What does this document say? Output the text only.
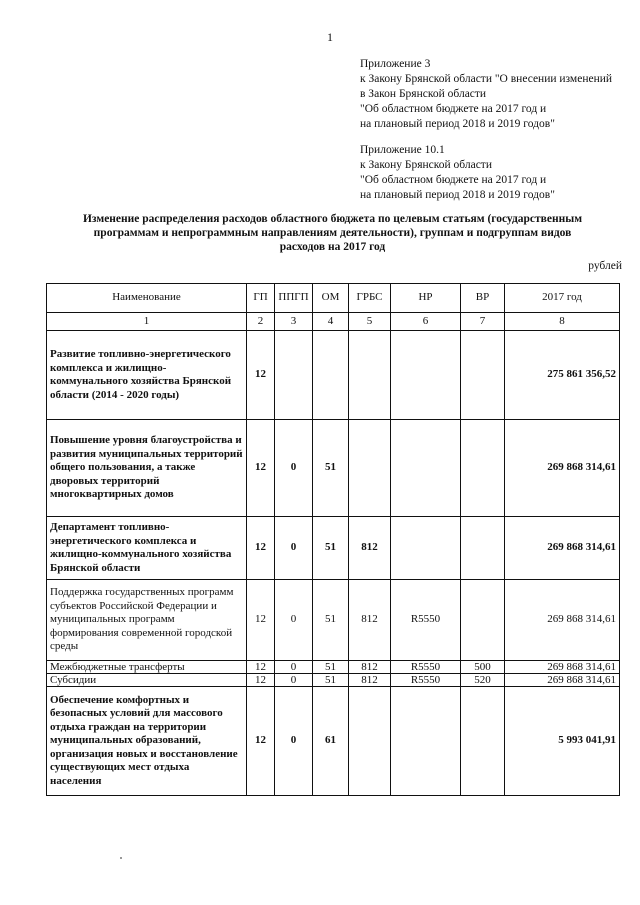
1
Приложение 3
к Закону Брянской области "О внесении изменений
в Закон Брянской области
"Об областном бюджете на 2017 год и
на плановый период 2018 и 2019 годов"
Приложение 10.1
к Закону Брянской области
"Об областном бюджете на 2017 год и
на плановый период 2018 и 2019 годов"
Изменение распределения расходов областного бюджета по целевым статьям (государственным
программам и непрограммным направлениям деятельности), группам и подгруппам видов
расходов на 2017 год
рублей
Наименование	ГП	ППГП	ОМ	ГРБС	НР	ВР	2017 год
1	2	3	4	5	6	7	8
Развитие топливно-энергетического комплекса и жилищно-коммунального хозяйства Брянской области (2014 - 2020 годы)	12						275 861 356,52
Повышение уровня благоустройства и развития муниципальных территорий общего пользования, а также дворовых территорий многоквартирных домов	12	0	51				269 868 314,61
Департамент топливно-энергетического комплекса и жилищно-коммунального хозяйства Брянской области	12	0	51	812			269 868 314,61
Поддержка государственных программ субъектов Российской Федерации и муниципальных программ формирования современной городской среды	12	0	51	812	R5550		269 868 314,61
Межбюджетные трансферты	12	0	51	812	R5550	500	269 868 314,61
Субсидии	12	0	51	812	R5550	520	269 868 314,61
Обеспечение комфортных и безопасных условий для массового отдыха граждан на территории муниципальных образований, организация новых и восстановление существующих мест отдыха населения	12	0	61				5 993 041,91
